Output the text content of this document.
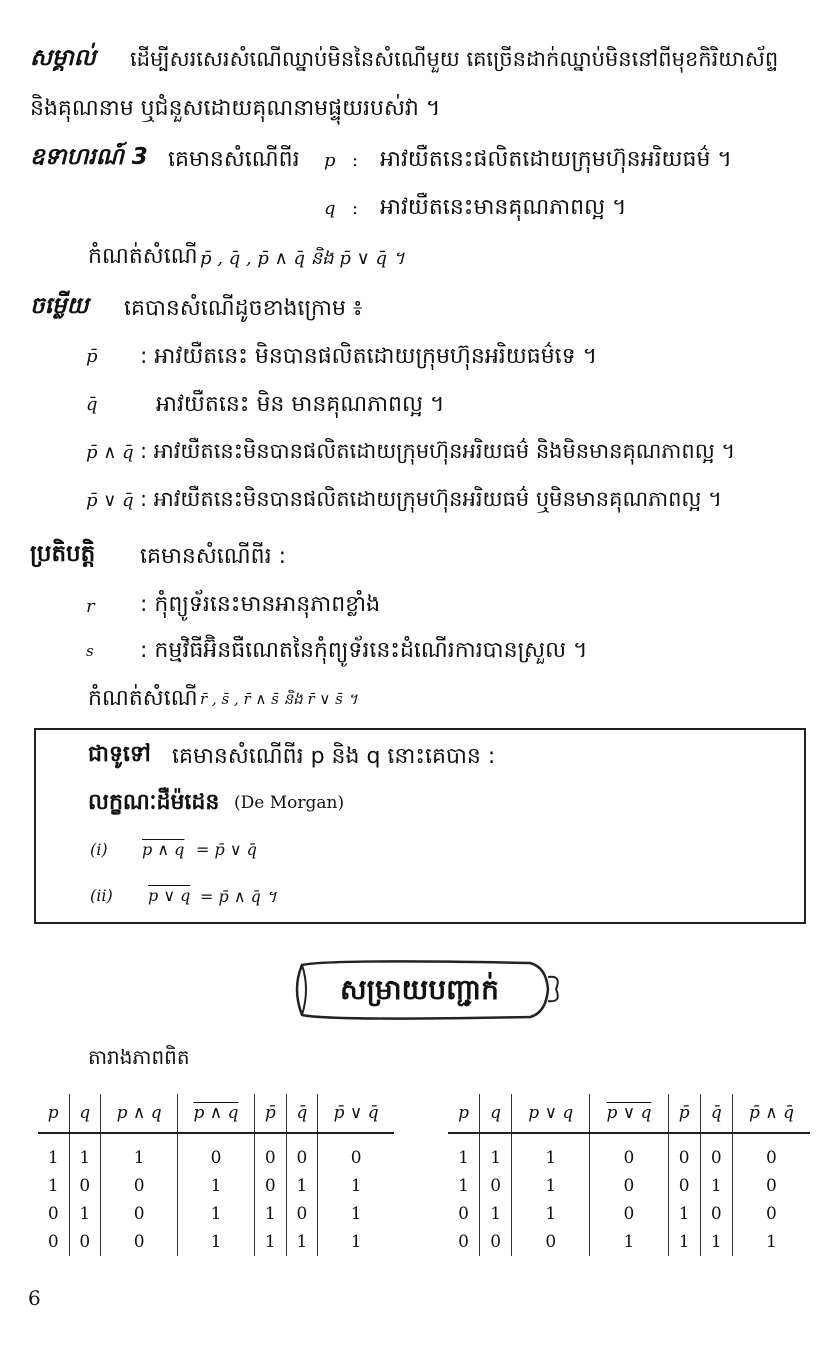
សម្គាល់ ដើម្បីសរសេរសំណើឈ្នាប់មិននៃសំណើមួយ គេច្រើនដាក់ឈ្នាប់មិននៅពីមុខកិរិយាស័ព្ទ
និងគុណនាម ឬជំនួសដោយគុណនាមផ្ទុយរបស់វា ។
ឧទាហរណ៍ 3 គេមានសំណើពីរ p : អាវយឺតនេះផលិតដោយក្រុមហ៊ុនអរិយធម៌ ។
q : អាវយឺតនេះមានគុណភាពល្អ ។
កំណត់សំណើ p̄ , q̄ , p̄ ∧ q̄ និង p̄ ∨ q̄ ។
ចម្លើយ គេបានសំណើដូចខាងក្រោម ៖
p̄ : អាវយឺតនេះ មិនបានផលិតដោយក្រុមហ៊ុនអរិយធម៌ទេ ។
q̄	អាវយឺតនេះ មិន មានគុណភាពល្អ ។
p̄ ∧ q̄ : អាវយឺតនេះមិនបានផលិតដោយក្រុមហ៊ុនអរិយធម៌ និងមិនមានគុណភាពល្អ ។
p̄ ∨ q̄ : អាវយឺតនេះមិនបានផលិតដោយក្រុមហ៊ុនអរិយធម៌ ឬមិនមានគុណភាពល្អ ។
ប្រតិបត្តិ គេមានសំណើពីរ :
r : កុំព្យូទ័រនេះមានអានុភាពខ្លាំង
s : កម្មវិធីអ៊ិនធឺណេតនៃកុំព្យូទ័រនេះដំណើរការបានស្រួល ។
កំណត់សំណើ r̄ , s̄ , r̄ ∧ s̄ និង r̄ ∨ s̄ ។
ជាទូទៅ គេមានសំណើពីរ p និង q នោះគេបាន :
លក្ខណៈដឺម៉ដេន (De Morgan)
(i) p ∧ q = p̄ ∨ q̄
(ii) p ∨ q = p̄ ∧ q̄ ។
សម្រាយបញ្ជាក់
តារាងភាពពិត
p	q	p ∧ q	p ∧ q	p̄	q̄	p̄ ∨ q̄
1	1	1	0	0	0	0
1	0	0	1	0	1	1
0	1	0	1	1	0	1
0	0	0	1	1	1	1
p	q	p ∨ q	p ∨ q	p̄	q̄	p̄ ∧ q̄
1	1	1	0	0	0	0
1	0	1	0	0	1	0
0	1	1	0	1	0	0
0	0	0	1	1	1	1
6
